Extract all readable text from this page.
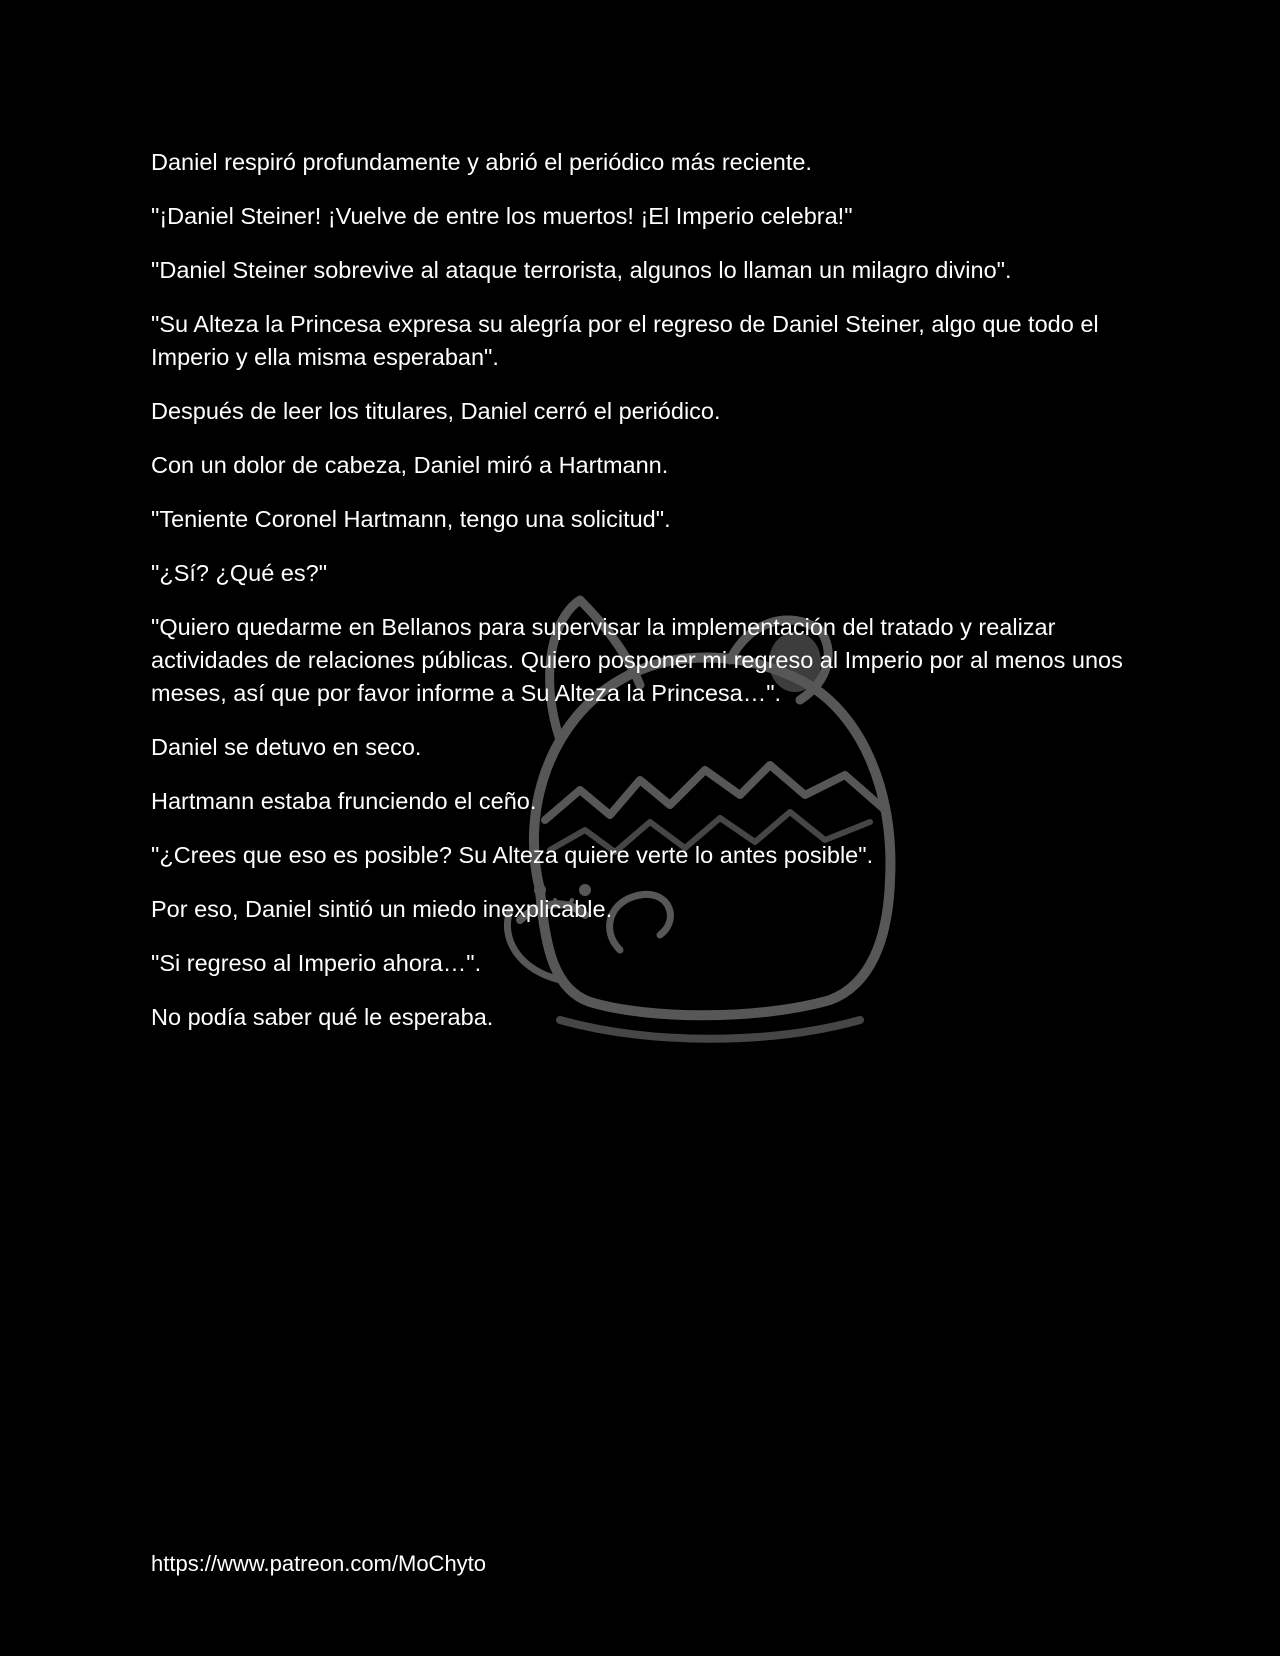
Daniel respiró profundamente y abrió el periódico más reciente.

"¡Daniel Steiner! ¡Vuelve de entre los muertos! ¡El Imperio celebra!"

"Daniel Steiner sobrevive al ataque terrorista, algunos lo llaman un milagro divino".

"Su Alteza la Princesa expresa su alegría por el regreso de Daniel Steiner, algo que todo el Imperio y ella misma esperaban".

Después de leer los titulares, Daniel cerró el periódico.

Con un dolor de cabeza, Daniel miró a Hartmann.

"Teniente Coronel Hartmann, tengo una solicitud".

"¿Sí? ¿Qué es?"

"Quiero quedarme en Bellanos para supervisar la implementación del tratado y realizar actividades de relaciones públicas. Quiero posponer mi regreso al Imperio por al menos unos meses, así que por favor informe a Su Alteza la Princesa…".

Daniel se detuvo en seco.

Hartmann estaba frunciendo el ceño.

"¿Crees que eso es posible? Su Alteza quiere verte lo antes posible".

Por eso, Daniel sintió un miedo inexplicable.

"Si regreso al Imperio ahora…".

No podía saber qué le esperaba.

https://www.patreon.com/MoChyto
